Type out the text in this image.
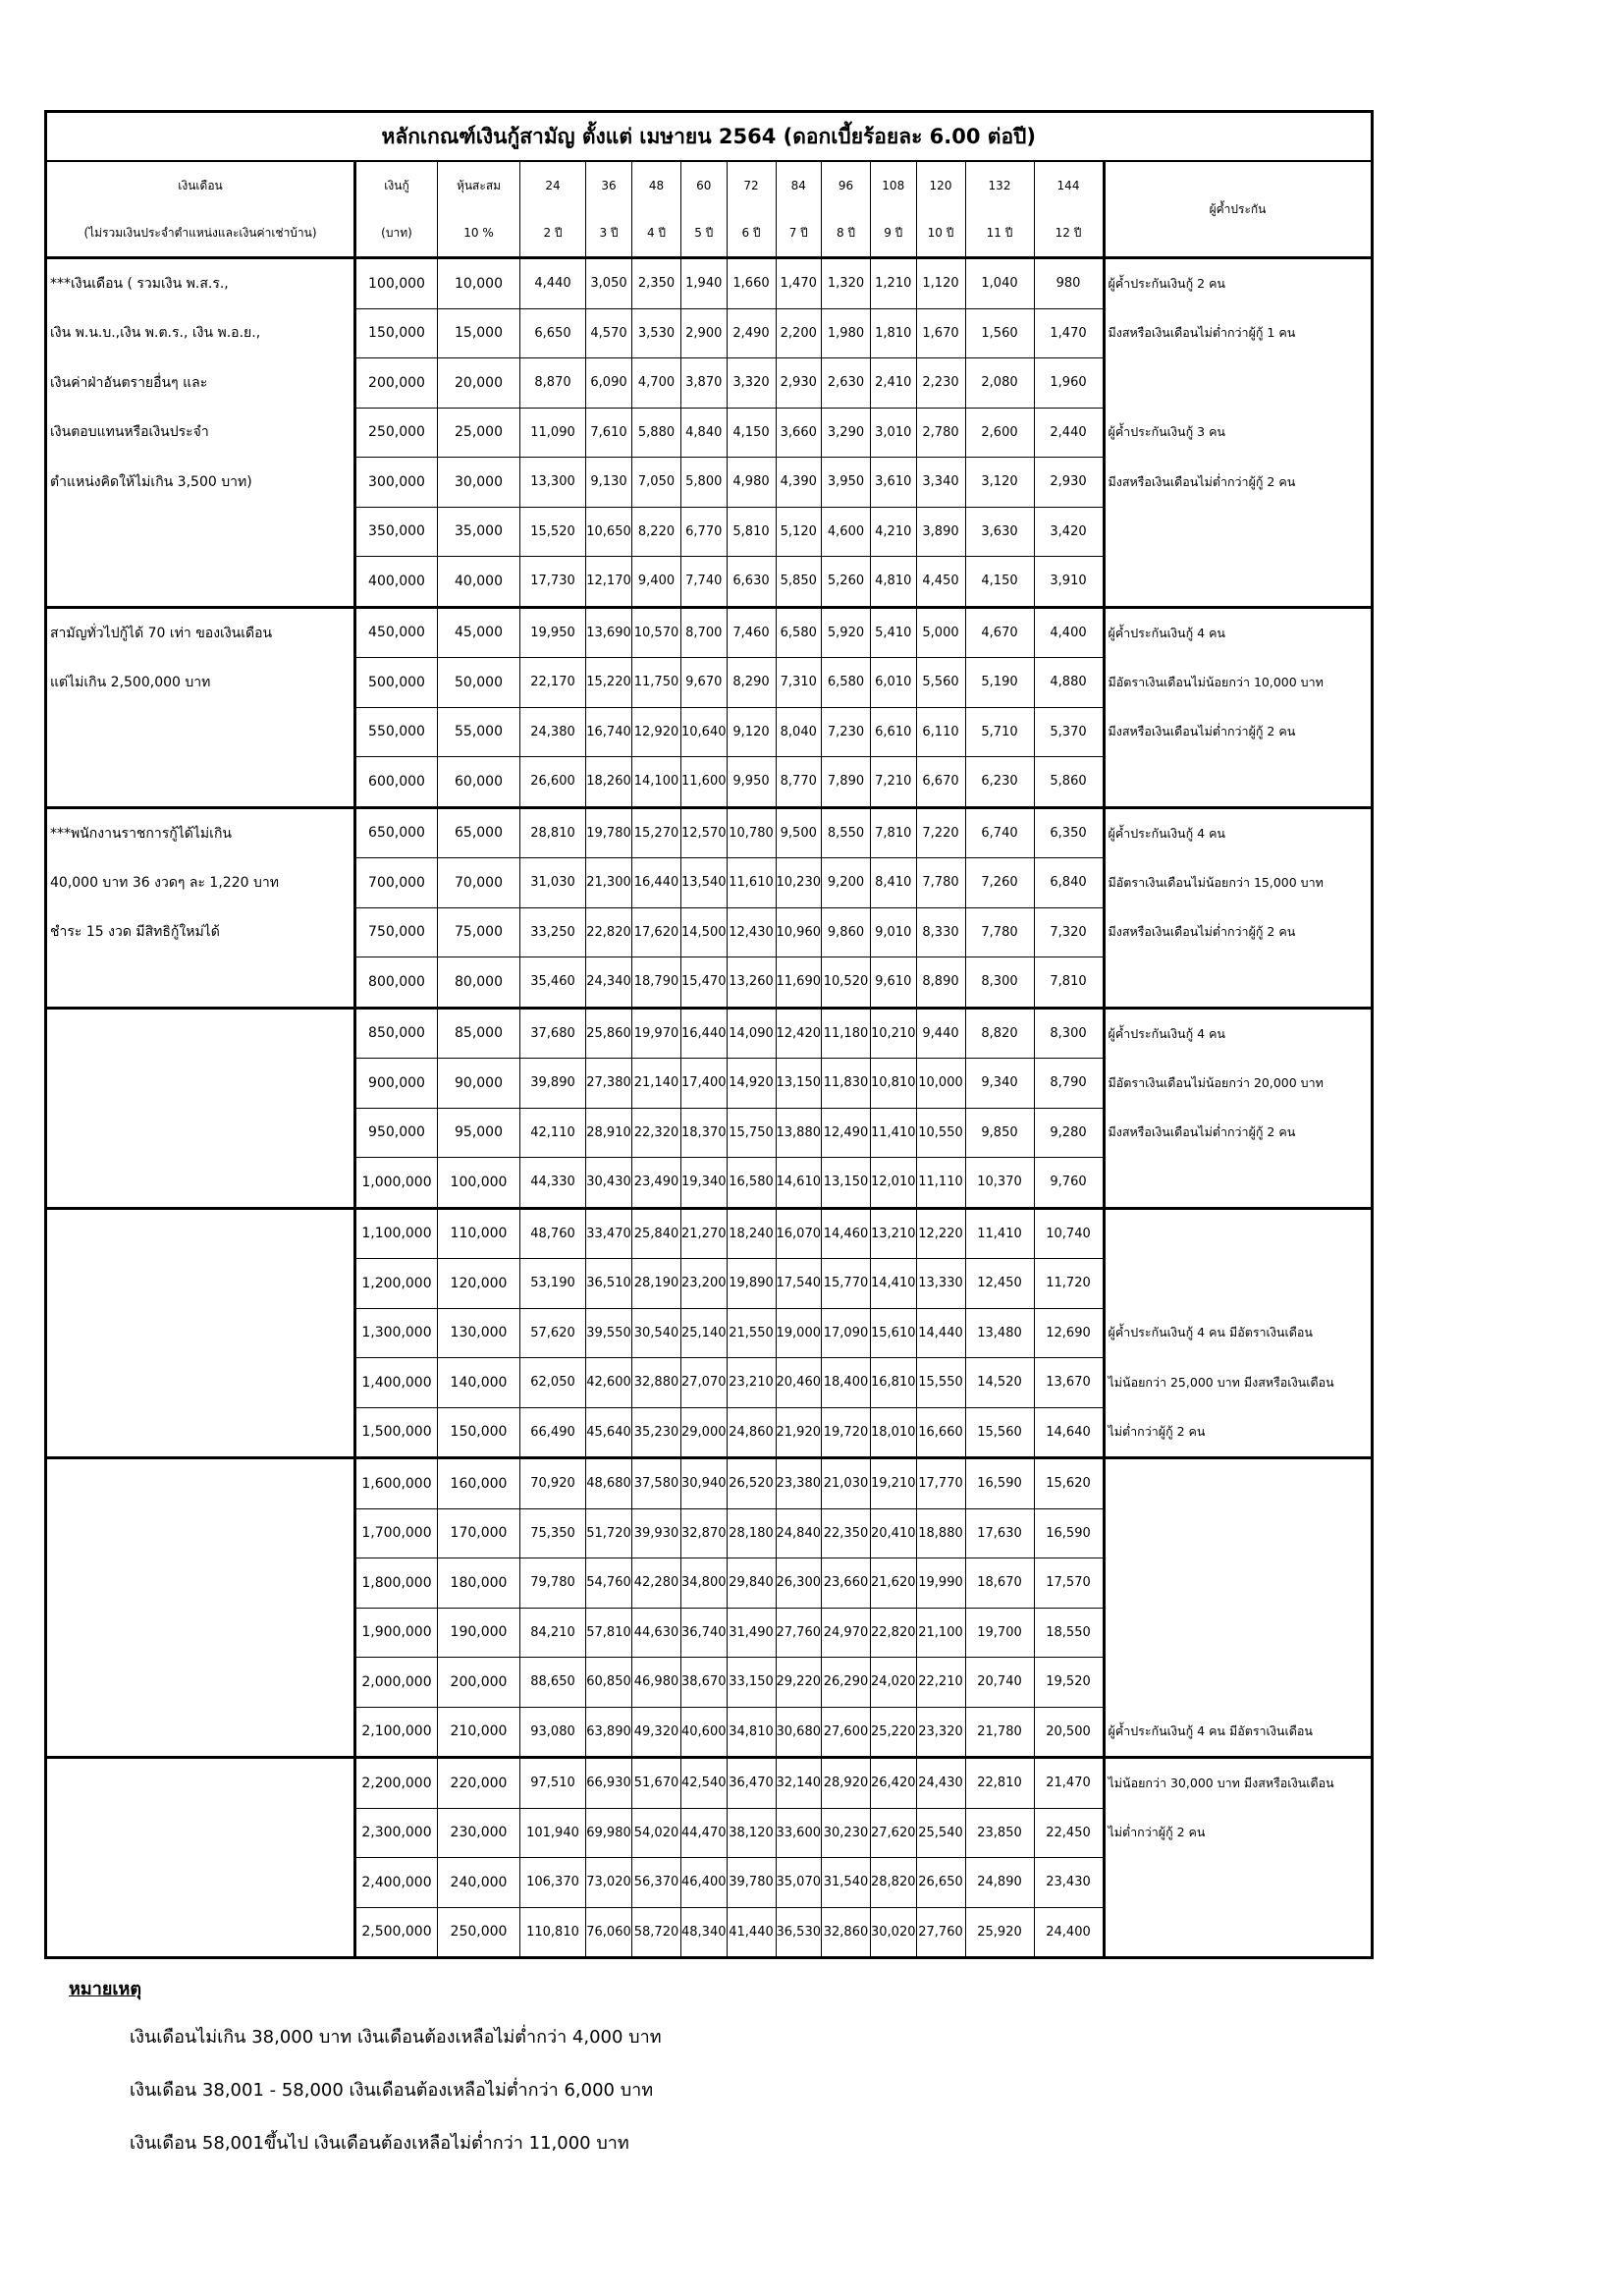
หลักเกณฑ์เงินกู้สามัญ ตั้งแต่ เมษายน 2564 (ดอกเบี้ยร้อยละ 6.00 ต่อปี)														
เงินเดือน	เงินกู้	หุ้นสะสม	24	36	48	60	72	84	96	108	120	132	144	ผู้ค้ำประกัน
(ไม่รวมเงินประจำตำแหน่งและเงินค่าเช่าบ้าน)	(บาท)	10 %	2 ปี	3 ปี	4 ปี	5 ปี	6 ปี	7 ปี	8 ปี	9 ปี	10 ปี	11 ปี	12 ปี	
***เงินเดือน ( รวมเงิน พ.ส.ร.,	100,000	10,000	4,440	3,050	2,350	1,940	1,660	1,470	1,320	1,210	1,120	1,040	980	ผู้ค้ำประกันเงินกู้ 2 คน
เงิน พ.น.บ.,เงิน พ.ต.ร., เงิน พ.อ.ย.,	150,000	15,000	6,650	4,570	3,530	2,900	2,490	2,200	1,980	1,810	1,670	1,560	1,470	มีงสหรือเงินเดือนไม่ต่ำกว่าผู้กู้ 1 คน
เงินค่าฝ่าอันตรายอื่นๆ และ	200,000	20,000	8,870	6,090	4,700	3,870	3,320	2,930	2,630	2,410	2,230	2,080	1,960	
เงินตอบแทนหรือเงินประจำ	250,000	25,000	11,090	7,610	5,880	4,840	4,150	3,660	3,290	3,010	2,780	2,600	2,440	ผู้ค้ำประกันเงินกู้ 3 คน
ตำแหน่งคิดให้ไม่เกิน 3,500 บาท)	300,000	30,000	13,300	9,130	7,050	5,800	4,980	4,390	3,950	3,610	3,340	3,120	2,930	มีงสหรือเงินเดือนไม่ต่ำกว่าผู้กู้ 2 คน
	350,000	35,000	15,520	10,650	8,220	6,770	5,810	5,120	4,600	4,210	3,890	3,630	3,420	
	400,000	40,000	17,730	12,170	9,400	7,740	6,630	5,850	5,260	4,810	4,450	4,150	3,910	
สามัญทั่วไปกู้ได้ 70 เท่า ของเงินเดือน	450,000	45,000	19,950	13,690	10,570	8,700	7,460	6,580	5,920	5,410	5,000	4,670	4,400	ผู้ค้ำประกันเงินกู้ 4 คน
แต่ไม่เกิน 2,500,000 บาท	500,000	50,000	22,170	15,220	11,750	9,670	8,290	7,310	6,580	6,010	5,560	5,190	4,880	มีอัตราเงินเดือนไม่น้อยกว่า 10,000 บาท
	550,000	55,000	24,380	16,740	12,920	10,640	9,120	8,040	7,230	6,610	6,110	5,710	5,370	มีงสหรือเงินเดือนไม่ต่ำกว่าผู้กู้ 2 คน
	600,000	60,000	26,600	18,260	14,100	11,600	9,950	8,770	7,890	7,210	6,670	6,230	5,860	
***พนักงานราชการกู้ได้ไม่เกิน	650,000	65,000	28,810	19,780	15,270	12,570	10,780	9,500	8,550	7,810	7,220	6,740	6,350	ผู้ค้ำประกันเงินกู้ 4 คน
40,000 บาท 36 งวดๆ ละ 1,220 บาท	700,000	70,000	31,030	21,300	16,440	13,540	11,610	10,230	9,200	8,410	7,780	7,260	6,840	มีอัตราเงินเดือนไม่น้อยกว่า 15,000 บาท
ชำระ 15 งวด มีสิทธิกู้ใหม่ได้	750,000	75,000	33,250	22,820	17,620	14,500	12,430	10,960	9,860	9,010	8,330	7,780	7,320	มีงสหรือเงินเดือนไม่ต่ำกว่าผู้กู้ 2 คน
	800,000	80,000	35,460	24,340	18,790	15,470	13,260	11,690	10,520	9,610	8,890	8,300	7,810	
	850,000	85,000	37,680	25,860	19,970	16,440	14,090	12,420	11,180	10,210	9,440	8,820	8,300	ผู้ค้ำประกันเงินกู้ 4 คน
	900,000	90,000	39,890	27,380	21,140	17,400	14,920	13,150	11,830	10,810	10,000	9,340	8,790	มีอัตราเงินเดือนไม่น้อยกว่า 20,000 บาท
	950,000	95,000	42,110	28,910	22,320	18,370	15,750	13,880	12,490	11,410	10,550	9,850	9,280	มีงสหรือเงินเดือนไม่ต่ำกว่าผู้กู้ 2 คน
	1,000,000	100,000	44,330	30,430	23,490	19,340	16,580	14,610	13,150	12,010	11,110	10,370	9,760	
	1,100,000	110,000	48,760	33,470	25,840	21,270	18,240	16,070	14,460	13,210	12,220	11,410	10,740	
	1,200,000	120,000	53,190	36,510	28,190	23,200	19,890	17,540	15,770	14,410	13,330	12,450	11,720	
	1,300,000	130,000	57,620	39,550	30,540	25,140	21,550	19,000	17,090	15,610	14,440	13,480	12,690	ผู้ค้ำประกันเงินกู้ 4 คน มีอัตราเงินเดือน
	1,400,000	140,000	62,050	42,600	32,880	27,070	23,210	20,460	18,400	16,810	15,550	14,520	13,670	ไม่น้อยกว่า 25,000 บาท มีงสหรือเงินเดือน
	1,500,000	150,000	66,490	45,640	35,230	29,000	24,860	21,920	19,720	18,010	16,660	15,560	14,640	ไม่ต่ำกว่าผู้กู้ 2 คน
	1,600,000	160,000	70,920	48,680	37,580	30,940	26,520	23,380	21,030	19,210	17,770	16,590	15,620	
	1,700,000	170,000	75,350	51,720	39,930	32,870	28,180	24,840	22,350	20,410	18,880	17,630	16,590	
	1,800,000	180,000	79,780	54,760	42,280	34,800	29,840	26,300	23,660	21,620	19,990	18,670	17,570	
	1,900,000	190,000	84,210	57,810	44,630	36,740	31,490	27,760	24,970	22,820	21,100	19,700	18,550	
	2,000,000	200,000	88,650	60,850	46,980	38,670	33,150	29,220	26,290	24,020	22,210	20,740	19,520	
	2,100,000	210,000	93,080	63,890	49,320	40,600	34,810	30,680	27,600	25,220	23,320	21,780	20,500	ผู้ค้ำประกันเงินกู้ 4 คน มีอัตราเงินเดือน
	2,200,000	220,000	97,510	66,930	51,670	42,540	36,470	32,140	28,920	26,420	24,430	22,810	21,470	ไม่น้อยกว่า 30,000 บาท มีงสหรือเงินเดือน
	2,300,000	230,000	101,940	69,980	54,020	44,470	38,120	33,600	30,230	27,620	25,540	23,850	22,450	ไม่ต่ำกว่าผู้กู้ 2 คน
	2,400,000	240,000	106,370	73,020	56,370	46,400	39,780	35,070	31,540	28,820	26,650	24,890	23,430	
	2,500,000	250,000	110,810	76,060	58,720	48,340	41,440	36,530	32,860	30,020	27,760	25,920	24,400	
หมายเหตุ
เงินเดือนไม่เกิน 38,000 บาท เงินเดือนต้องเหลือไม่ต่ำกว่า 4,000 บาท
เงินเดือน 38,001 - 58,000 เงินเดือนต้องเหลือไม่ต่ำกว่า 6,000 บาท
เงินเดือน 58,001ขึ้นไป เงินเดือนต้องเหลือไม่ต่ำกว่า 11,000 บาท
